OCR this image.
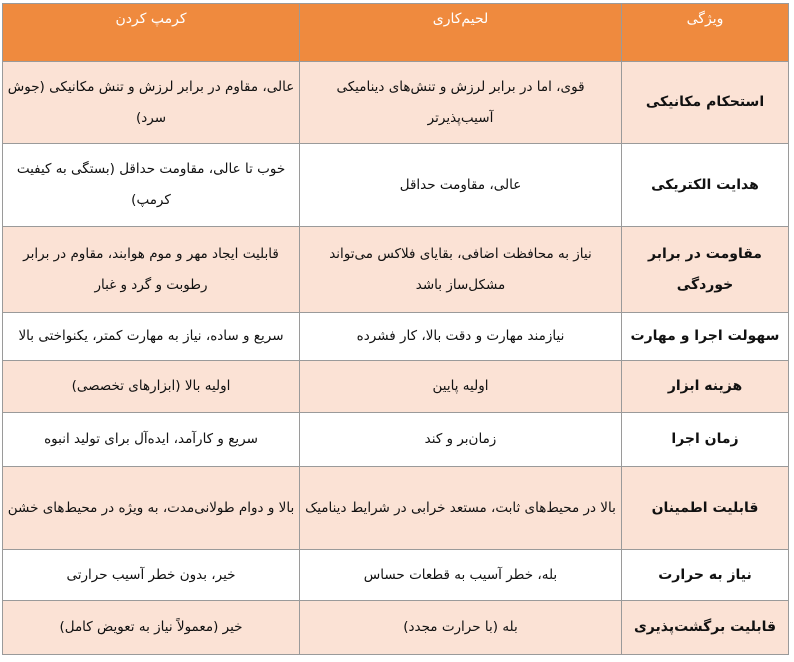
ویژگی	لحیم‌کاری	کرمپ کردن
استحکام مکانیکی	قوی، اما در برابر لرزش و تنش‌های دینامیکی آسیب‌پذیرتر	عالی، مقاوم در برابر لرزش و تنش مکانیکی (جوش سرد)
هدایت الکتریکی	عالی، مقاومت حداقل	خوب تا عالی، مقاومت حداقل (بستگی به کیفیت کرمپ)
مقاومت در برابر خوردگی	نیاز به محافظت اضافی، بقایای فلاکس می‌تواند مشکل‌ساز باشد	قابلیت ایجاد مهر و موم هوابند، مقاوم در برابر رطوبت و گرد و غبار
سهولت اجرا و مهارت	نیازمند مهارت و دقت بالا، کار فشرده	سریع و ساده، نیاز به مهارت کمتر، یکنواختی بالا
هزینه ابزار	اولیه پایین	اولیه بالا (ابزارهای تخصصی)
زمان اجرا	زمان‌بر و کند	سریع و کارآمد، ایده‌آل برای تولید انبوه
قابلیت اطمینان	بالا در محیط‌های ثابت، مستعد خرابی در شرایط دینامیک	بالا و دوام طولانی‌مدت، به ویژه در محیط‌های خشن
نیاز به حرارت	بله، خطر آسیب به قطعات حساس	خیر، بدون خطر آسیب حرارتی
قابلیت برگشت‌پذیری	بله (با حرارت مجدد)	خیر (معمولاً نیاز به تعویض کامل)
